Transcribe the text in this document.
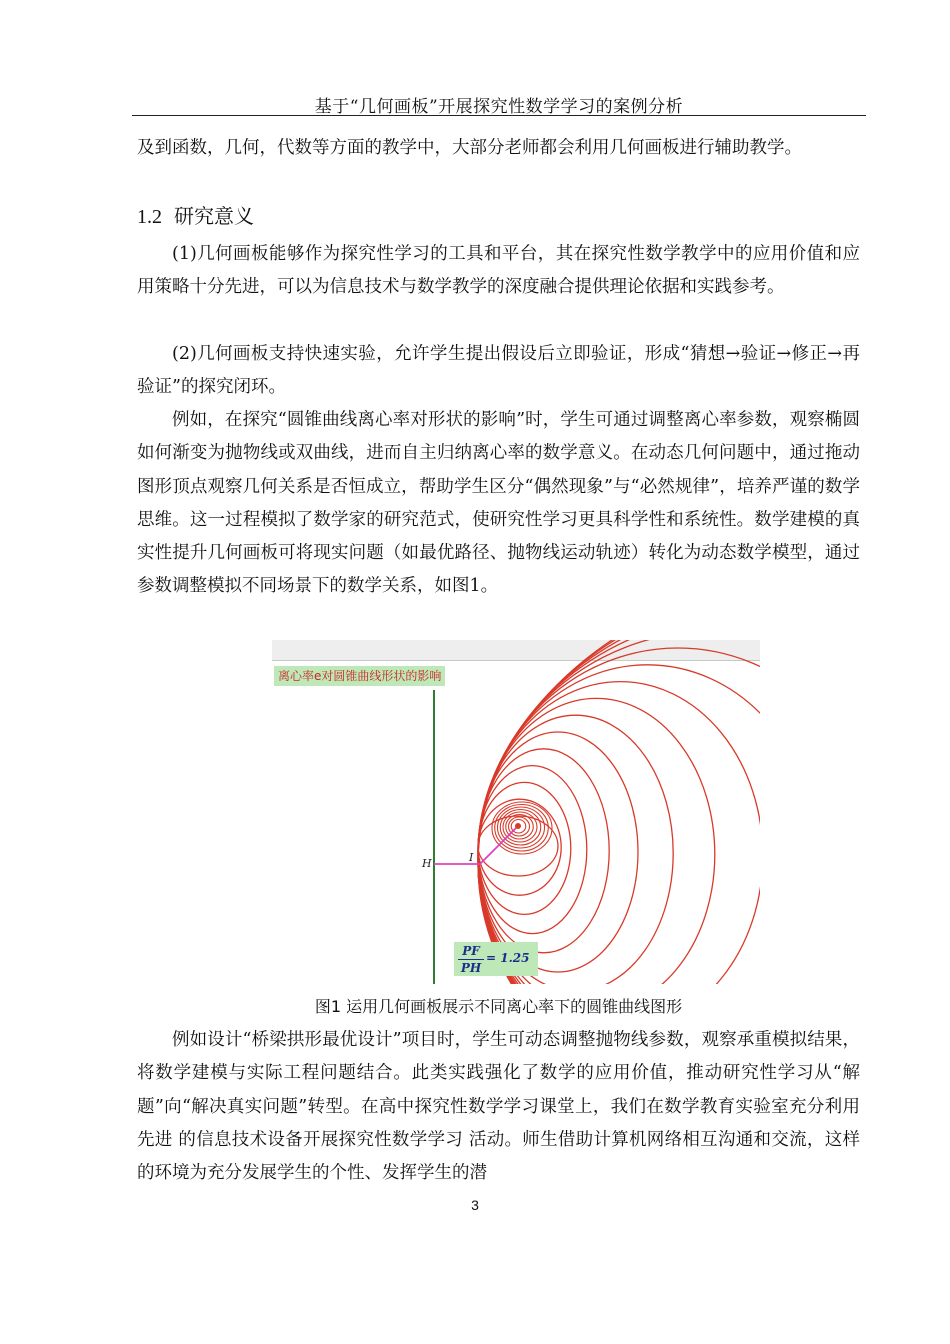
基于“几何画板”开展探究性数学学习的案例分析

及到函数，几何，代数等方面的教学中，大部分老师都会利用几何画板进行辅助教学。

1.2 研究意义

(1)几何画板能够作为探究性学习的工具和平台，其在探究性数学教学中的应用价值和应用策略十分先进，可以为信息技术与数学教学的深度融合提供理论依据和实践参考。

(2)几何画板支持快速实验，允许学生提出假设后立即验证，形成“猜想→验证→修正→再验证”的探究闭环。

例如，在探究“圆锥曲线离心率对形状的影响”时，学生可通过调整离心率参数，观察椭圆如何渐变为抛物线或双曲线，进而自主归纳离心率的数学意义。在动态几何问题中，通过拖动图形顶点观察几何关系是否恒成立，帮助学生区分“偶然现象”与“必然规律”，培养严谨的数学思维。这一过程模拟了数学家的研究范式，使研究性学习更具科学性和系统性。数学建模的真实性提升几何画板可将现实问题（如最优路径、抛物线运动轨迹）转化为动态数学模型，通过参数调整模拟不同场景下的数学关系，如图1。

H	I
离心率e对圆锥曲线形状的影响
PF
PH
= 1.25
图1 运用几何画板展示不同离心率下的圆锥曲线图形

例如设计“桥梁拱形最优设计”项目时，学生可动态调整抛物线参数，观察承重模拟结果，将数学建模与实际工程问题结合。此类实践强化了数学的应用价值，推动研究性学习从“解题”向“解决真实问题”转型。在高中探究性数学学习课堂上，我们在数学教育实验室充分利用先进 的信息技术设备开展探究性数学学习 活动。师生借助计算机网络相互沟通和交流，这样的环境为充分发展学生的个性、发挥学生的潜

3
